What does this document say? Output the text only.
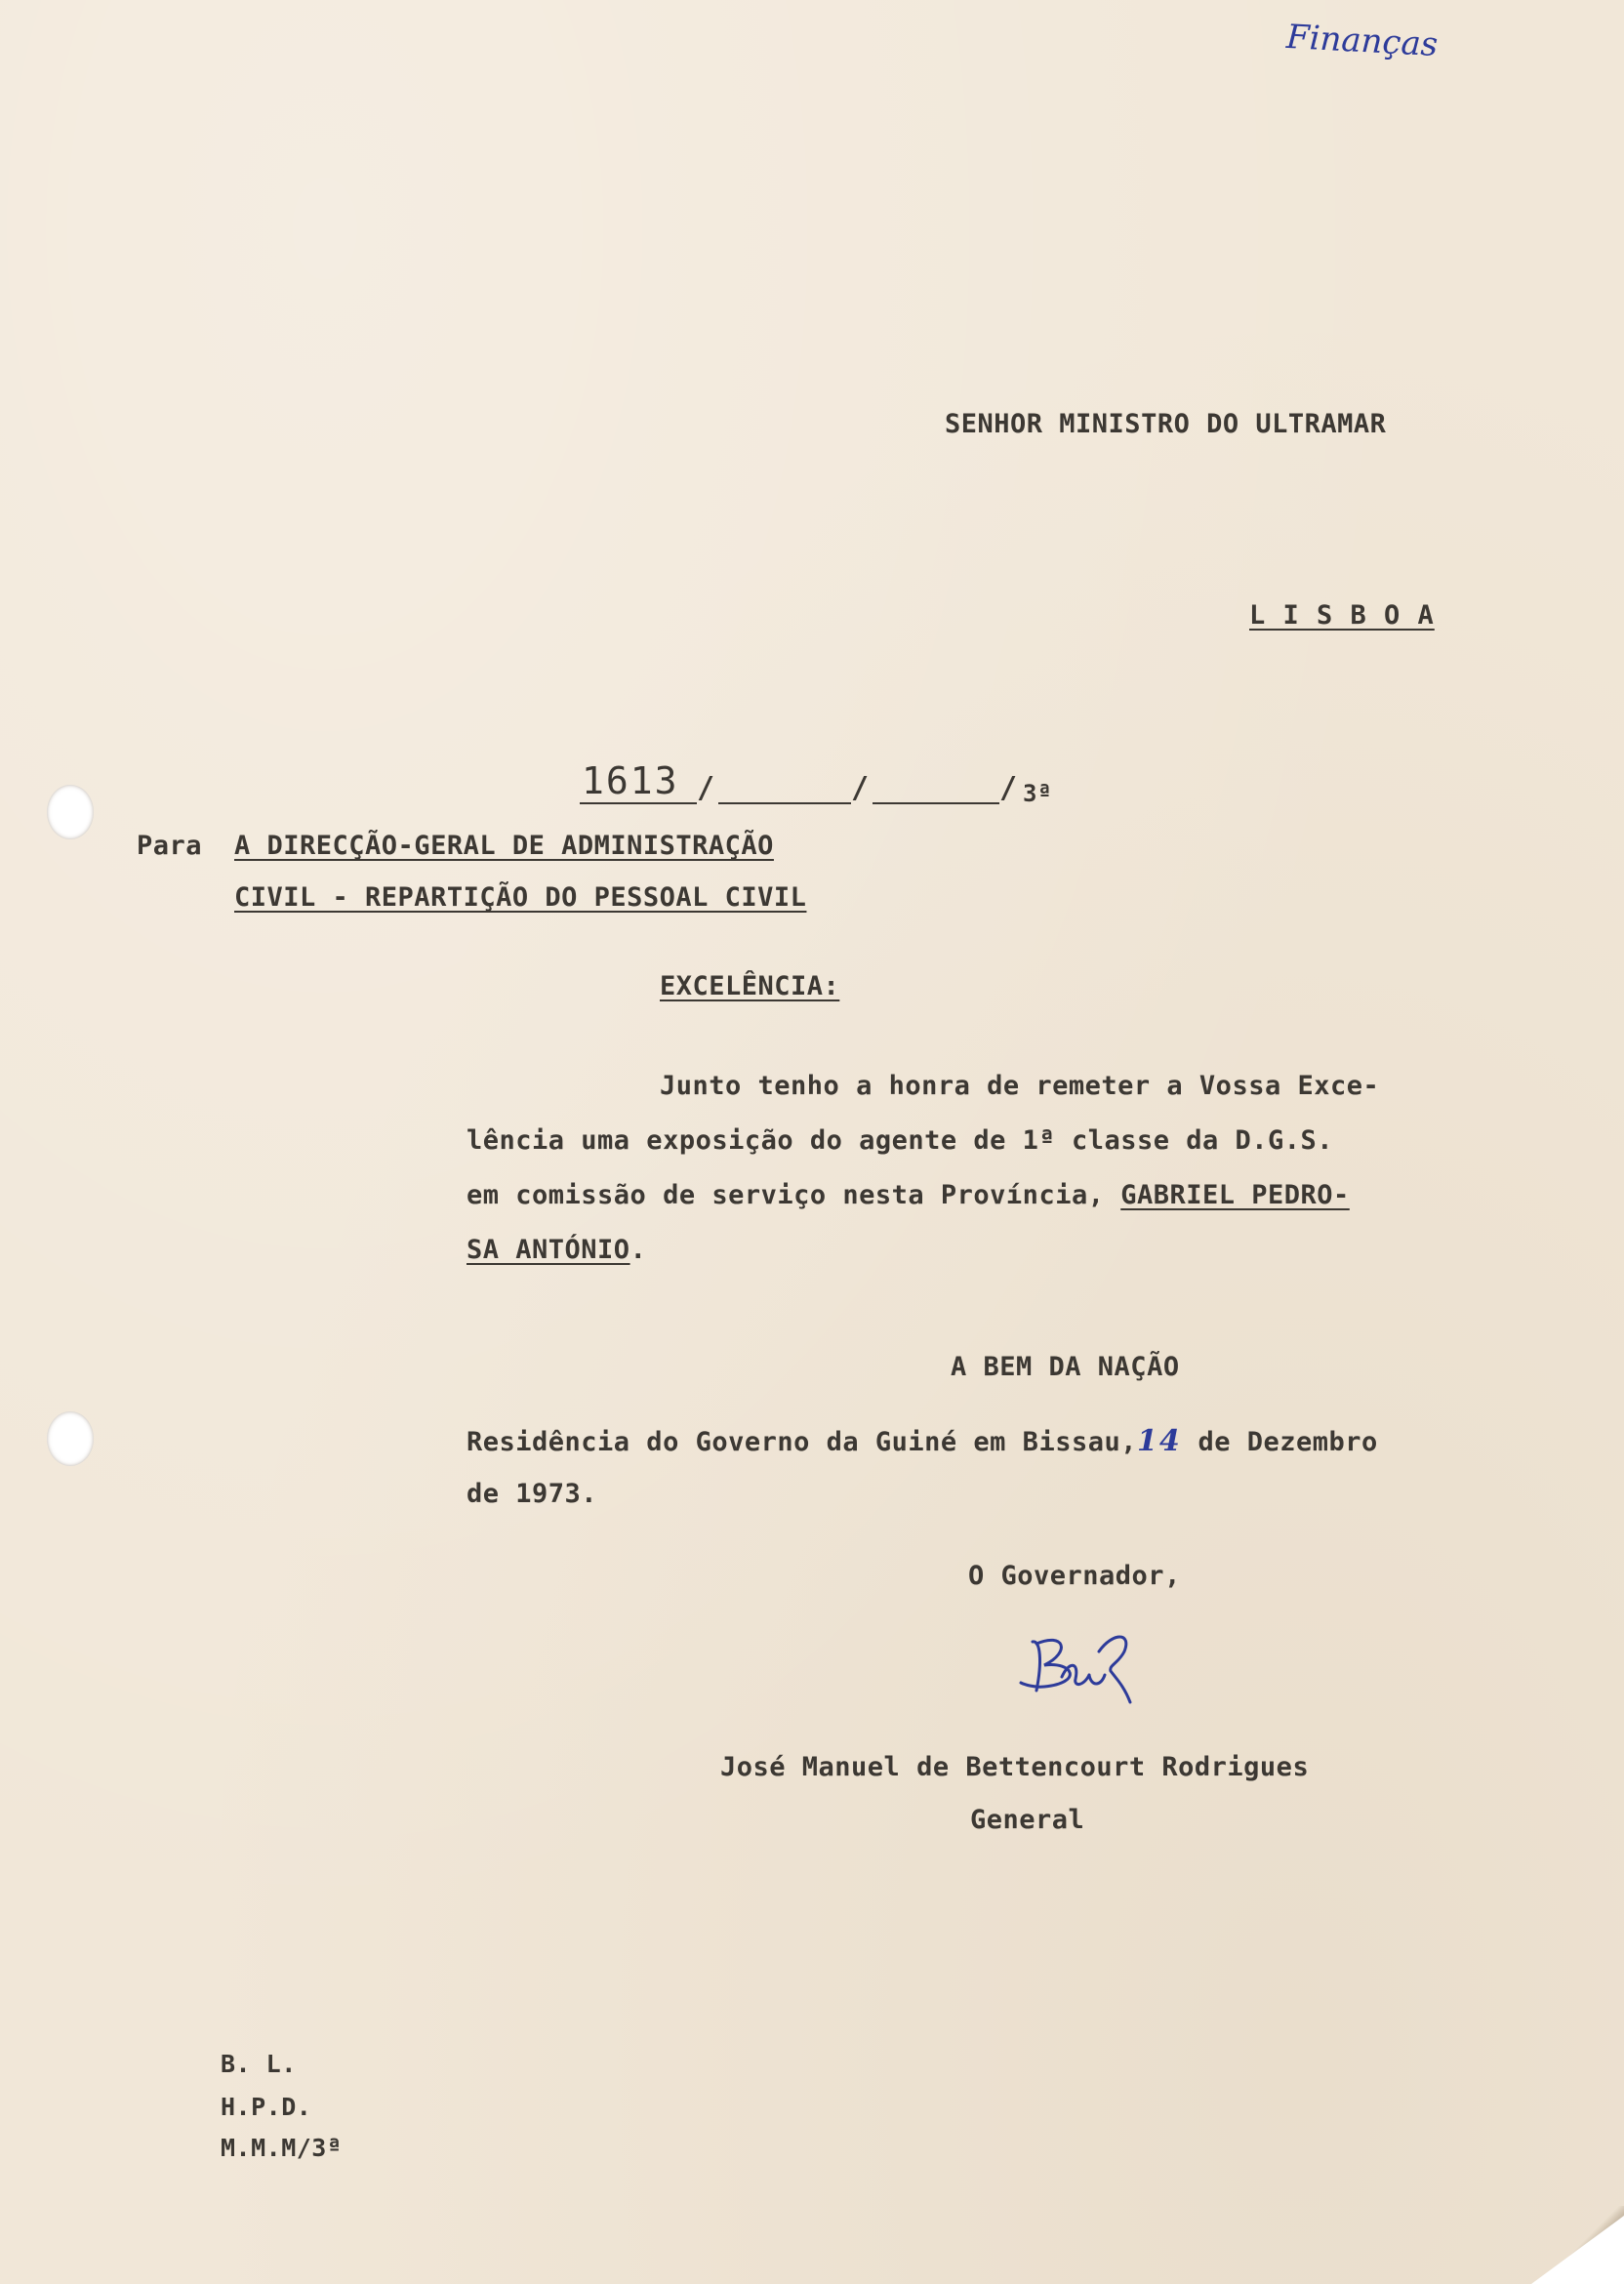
Finanças
SENHOR MINISTRO DO ULTRAMAR
L I S B O A
1613 /	/	/ 3ª
Para A DIRECÇÃO-GERAL DE ADMINISTRAÇÃO
CIVIL - REPARTIÇÃO DO PESSOAL CIVIL
EXCELÊNCIA:
Junto tenho a honra de remeter a Vossa Exce-
lência uma exposição do agente de 1ª classe da D.G.S.
em comissão de serviço nesta Província, GABRIEL PEDRO-
SA ANTÓNIO.
A BEM DA NAÇÃO
Residência do Governo da Guiné em Bissau,14 de Dezembro
de 1973.
O Governador,
José Manuel de Bettencourt Rodrigues
General
B. L.
H.P.D.
M.M.M/3ª
